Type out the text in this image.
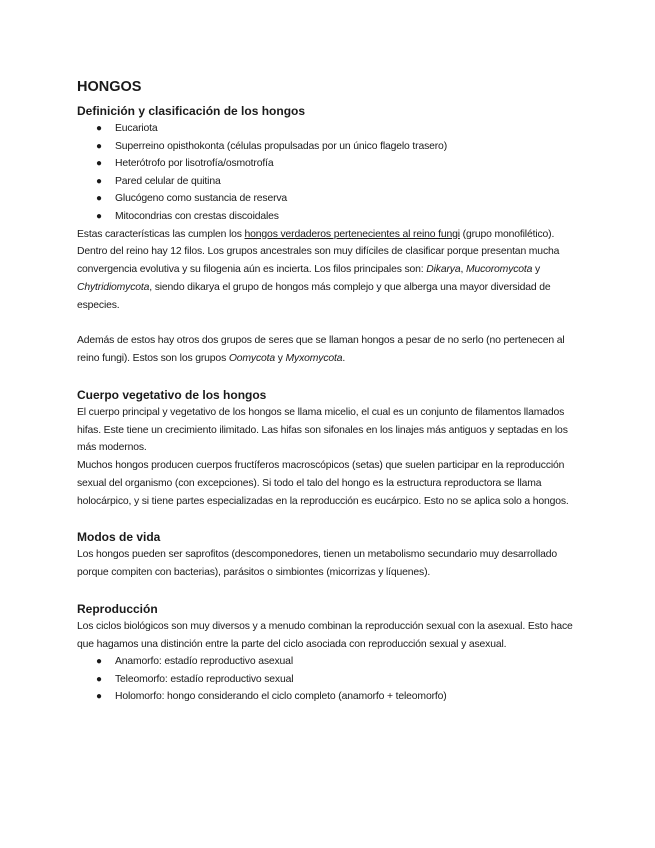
HONGOS
Definición y clasificación de los hongos
● Eucariota
● Superreino opisthokonta (células propulsadas por un único flagelo trasero)
● Heterótrofo por lisotrofía/osmotrofía
● Pared celular de quitina
● Glucógeno como sustancia de reserva
● Mitocondrias con crestas discoidales

Estas características las cumplen los hongos verdaderos pertenecientes al reino fungi (grupo monofilético). Dentro del reino hay 12 filos. Los grupos ancestrales son muy difíciles de clasificar porque presentan mucha convergencia evolutiva y su filogenia aún es incierta. Los filos principales son: Dikarya, Mucoromycota y Chytridiomycota, siendo dikarya el grupo de hongos más complejo y que alberga una mayor diversidad de especies.

Además de estos hay otros dos grupos de seres que se llaman hongos a pesar de no serlo (no pertenecen al reino fungi). Estos son los grupos Oomycota y Myxomycota.

Cuerpo vegetativo de los hongos

El cuerpo principal y vegetativo de los hongos se llama micelio, el cual es un conjunto de filamentos llamados hifas. Este tiene un crecimiento ilimitado. Las hifas son sifonales en los linajes más antiguos y septadas en los más modernos.

Muchos hongos producen cuerpos fructíferos macroscópicos (setas) que suelen participar en la reproducción sexual del organismo (con excepciones). Si todo el talo del hongo es la estructura reproductora se llama holocárpico, y si tiene partes especializadas en la reproducción es eucárpico. Esto no se aplica solo a hongos.

Modos de vida

Los hongos pueden ser saprofitos (descomponedores, tienen un metabolismo secundario muy desarrollado porque compiten con bacterias), parásitos o simbiontes (micorrizas y líquenes).

Reproducción

Los ciclos biológicos son muy diversos y a menudo combinan la reproducción sexual con la asexual. Esto hace que hagamos una distinción entre la parte del ciclo asociada con reproducción sexual y asexual.

● Anamorfo: estadío reproductivo asexual
● Teleomorfo: estadío reproductivo sexual
● Holomorfo: hongo considerando el ciclo completo (anamorfo + teleomorfo)
